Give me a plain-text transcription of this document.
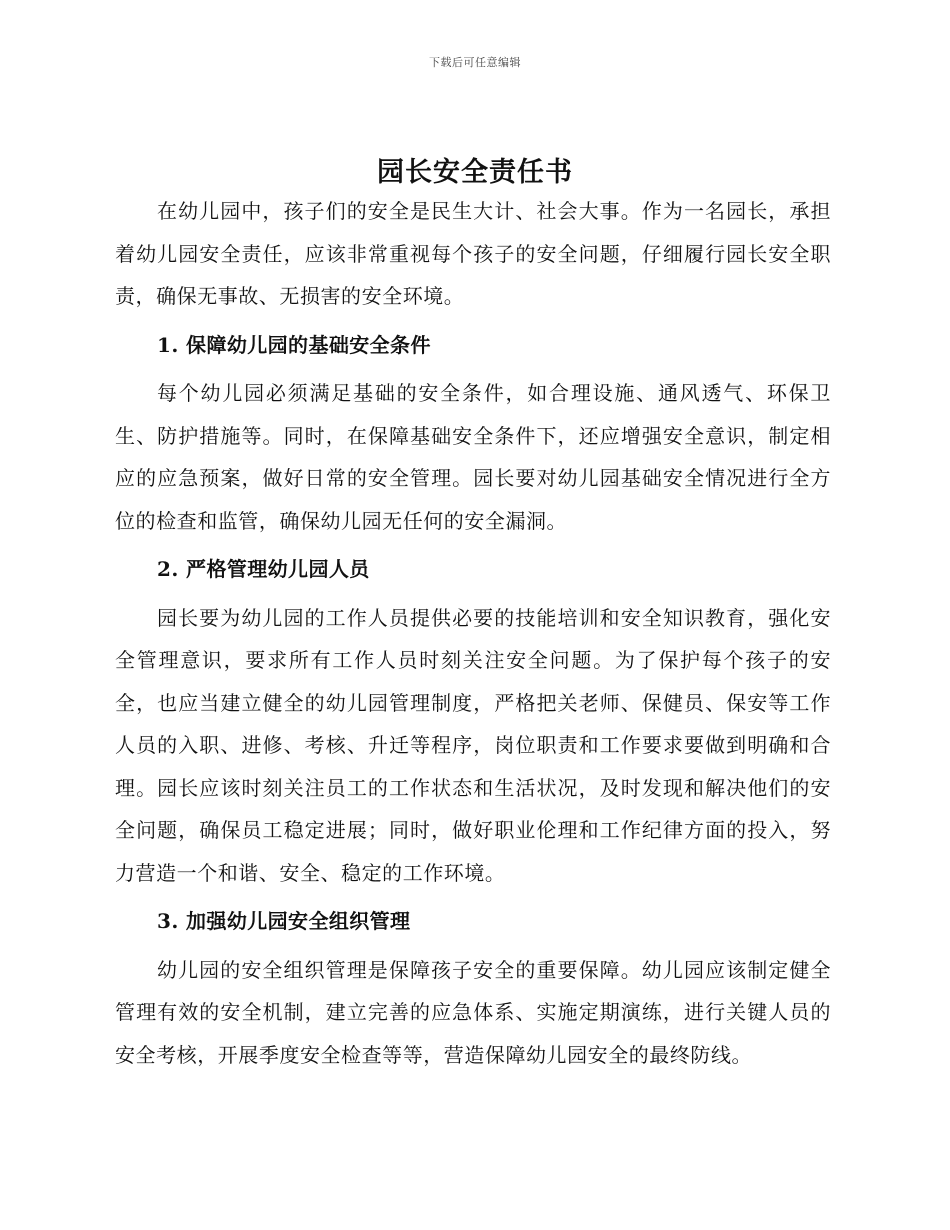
下载后可任意编辑
园长安全责任书

在幼儿园中，孩子们的安全是民生大计、社会大事。作为一名园长，承担着幼儿园安全责任，应该非常重视每个孩子的安全问题，仔细履行园长安全职责，确保无事故、无损害的安全环境。

1. 保障幼儿园的基础安全条件

每个幼儿园必须满足基础的安全条件，如合理设施、通风透气、环保卫生、防护措施等。同时，在保障基础安全条件下，还应增强安全意识，制定相应的应急预案，做好日常的安全管理。园长要对幼儿园基础安全情况进行全方位的检查和监管，确保幼儿园无任何的安全漏洞。

2. 严格管理幼儿园人员

园长要为幼儿园的工作人员提供必要的技能培训和安全知识教育，强化安全管理意识，要求所有工作人员时刻关注安全问题。为了保护每个孩子的安全，也应当建立健全的幼儿园管理制度，严格把关老师、保健员、保安等工作人员的入职、进修、考核、升迁等程序，岗位职责和工作要求要做到明确和合理。园长应该时刻关注员工的工作状态和生活状况，及时发现和解决他们的安全问题，确保员工稳定进展；同时，做好职业伦理和工作纪律方面的投入，努力营造一个和谐、安全、稳定的工作环境。

3. 加强幼儿园安全组织管理

幼儿园的安全组织管理是保障孩子安全的重要保障。幼儿园应该制定健全管理有效的安全机制，建立完善的应急体系、实施定期演练，进行关键人员的安全考核，开展季度安全检查等等，营造保障幼儿园安全的最终防线。
